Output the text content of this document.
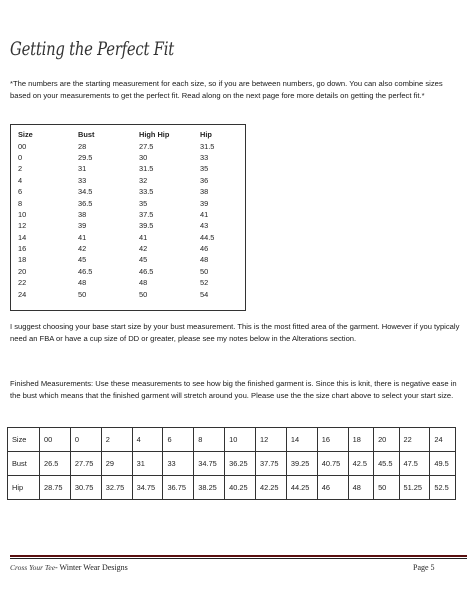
Getting the Perfect Fit
*The numbers are the starting measurement for each size, so if you are between numbers, go down. You can also combine sizes based on your measurements to get the perfect fit. Read along on the next page fore more details on getting the perfect fit.*
Size	Bust	High Hip	Hip
00	28	27.5	31.5
0	29.5	30	33
2	31	31.5	35
4	33	32	36
6	34.5	33.5	38
8	36.5	35	39
10	38	37.5	41
12	39	39.5	43
14	41	41	44.5
16	42	42	46
18	45	45	48
20	46.5	46.5	50
22	48	48	52
24	50	50	54
I suggest choosing your base start size by your bust measurement. This is the most fitted area of the garment. However if you typicaly need an FBA or have a cup size of DD or greater, please see my notes below in the Alterations section.
Finished Measurements: Use these measurements to see how big the finished garment is. Since this is knit, there is negative ease in the bust which means that the finished garment will stretch around you. Please use the the size chart above to select your start size.
Size	00	0	2	4	6	8	10	12	14	16	18	20	22	24
Bust	26.5	27.75	29	31	33	34.75	36.25	37.75	39.25	40.75	42.5	45.5	47.5	49.5
Hip	28.75	30.75	32.75	34.75	36.75	38.25	40.25	42.25	44.25	46	48	50	51.25	52.5
Cross Your Tee- Winter Wear Designs	Page 5
